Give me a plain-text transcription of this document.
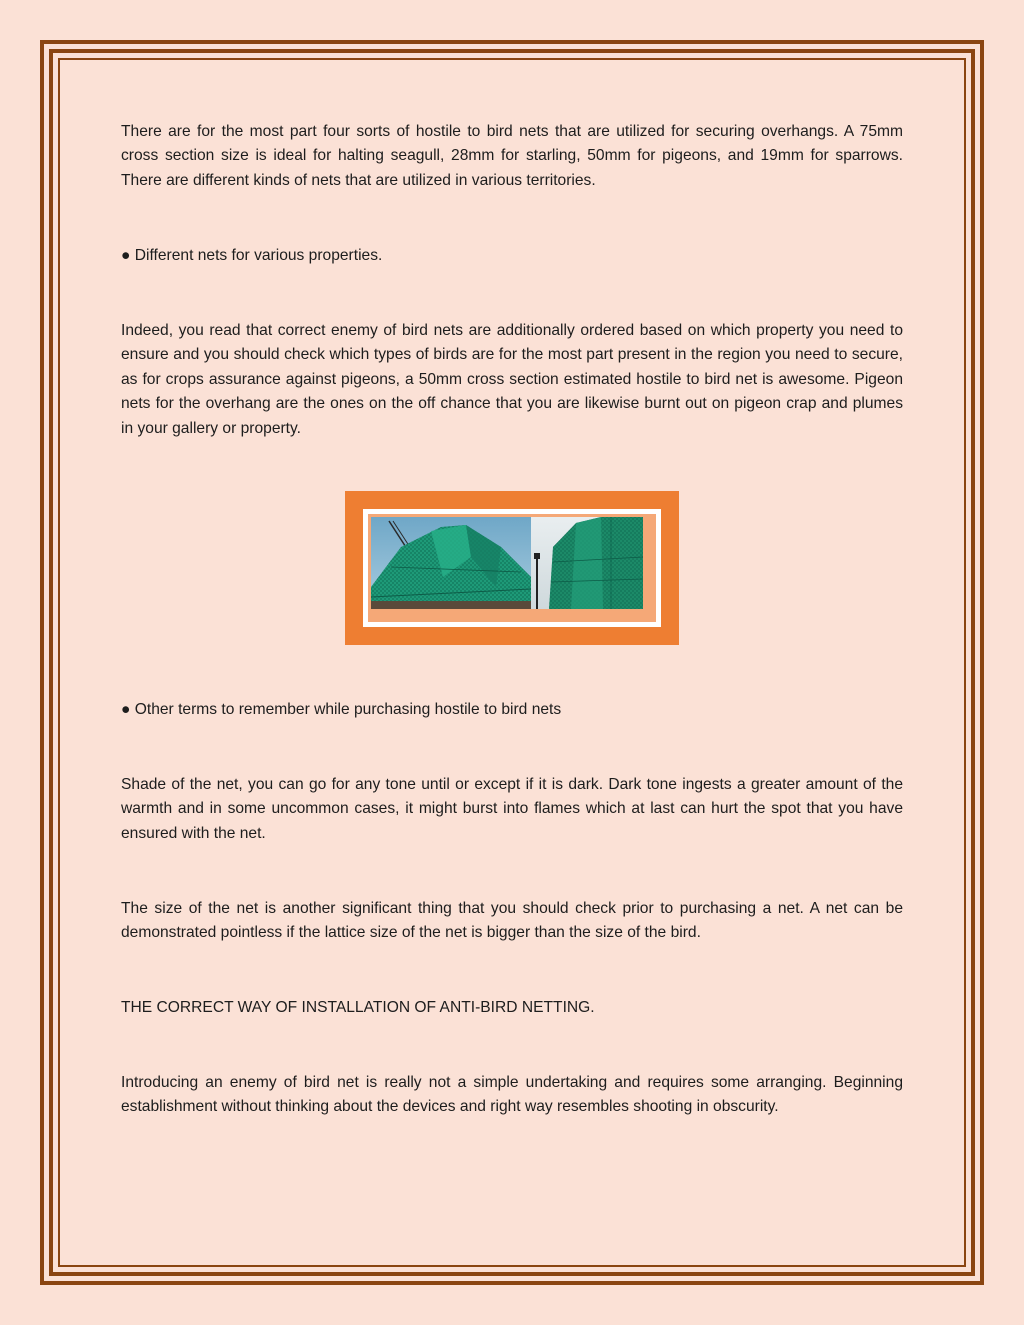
There are for the most part four sorts of hostile to bird nets that are utilized for securing overhangs. A 75mm cross section size is ideal for halting seagull, 28mm for starling, 50mm for pigeons, and 19mm for sparrows. There are different kinds of nets that are utilized in various territories.

● Different nets for various properties.

Indeed, you read that correct enemy of bird nets are additionally ordered based on which property you need to ensure and you should check which types of birds are for the most part present in the region you need to secure, as for crops assurance against pigeons, a 50mm cross section estimated hostile to bird net is awesome. Pigeon nets for the overhang are the ones on the off chance that you are likewise burnt out on pigeon crap and plumes in your gallery or property.

● Other terms to remember while purchasing hostile to bird nets

Shade of the net, you can go for any tone until or except if it is dark. Dark tone ingests a greater amount of the warmth and in some uncommon cases, it might burst into flames which at last can hurt the spot that you have ensured with the net.

The size of the net is another significant thing that you should check prior to purchasing a net. A net can be demonstrated pointless if the lattice size of the net is bigger than the size of the bird.

THE CORRECT WAY OF INSTALLATION OF ANTI-BIRD NETTING.

Introducing an enemy of bird net is really not a simple undertaking and requires some arranging. Beginning establishment without thinking about the devices and right way resembles shooting in obscurity.
